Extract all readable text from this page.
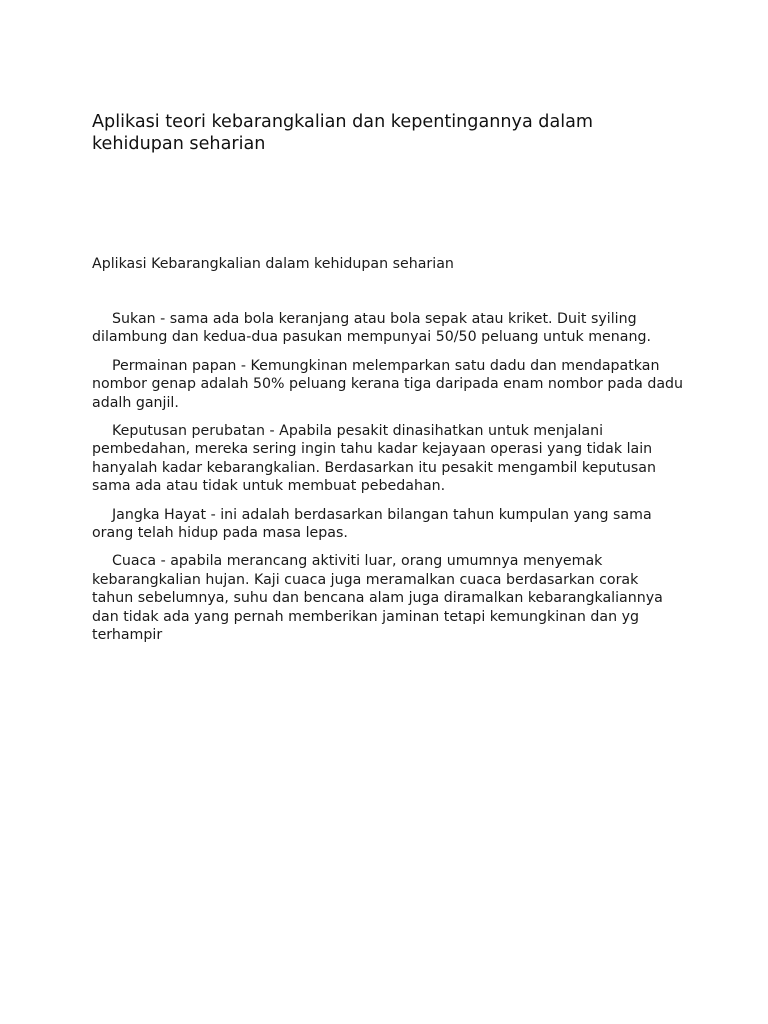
Aplikasi teori kebarangkalian dan kepentingannya dalam kehidupan seharian
Aplikasi Kebarangkalian dalam kehidupan seharian

Sukan - sama ada bola keranjang atau bola sepak atau kriket. Duit syiling dilambung dan kedua-dua pasukan mempunyai 50/50 peluang untuk menang.

Permainan papan - Kemungkinan melemparkan satu dadu dan mendapatkan nombor genap adalah 50% peluang kerana tiga daripada enam nombor pada dadu adalh ganjil.

Keputusan perubatan - Apabila pesakit dinasihatkan untuk menjalani pembedahan, mereka sering ingin tahu kadar kejayaan operasi yang tidak lain hanyalah kadar kebarangkalian. Berdasarkan itu pesakit mengambil keputusan sama ada atau tidak untuk membuat pebedahan.

Jangka Hayat - ini adalah berdasarkan bilangan tahun kumpulan yang sama orang telah hidup pada masa lepas.

Cuaca - apabila merancang aktiviti luar, orang umumnya menyemak kebarangkalian hujan. Kaji cuaca juga meramalkan cuaca berdasarkan corak tahun sebelumnya, suhu dan bencana alam juga diramalkan kebarangkaliannya dan tidak ada yang pernah memberikan jaminan tetapi kemungkinan dan yg terhampir
